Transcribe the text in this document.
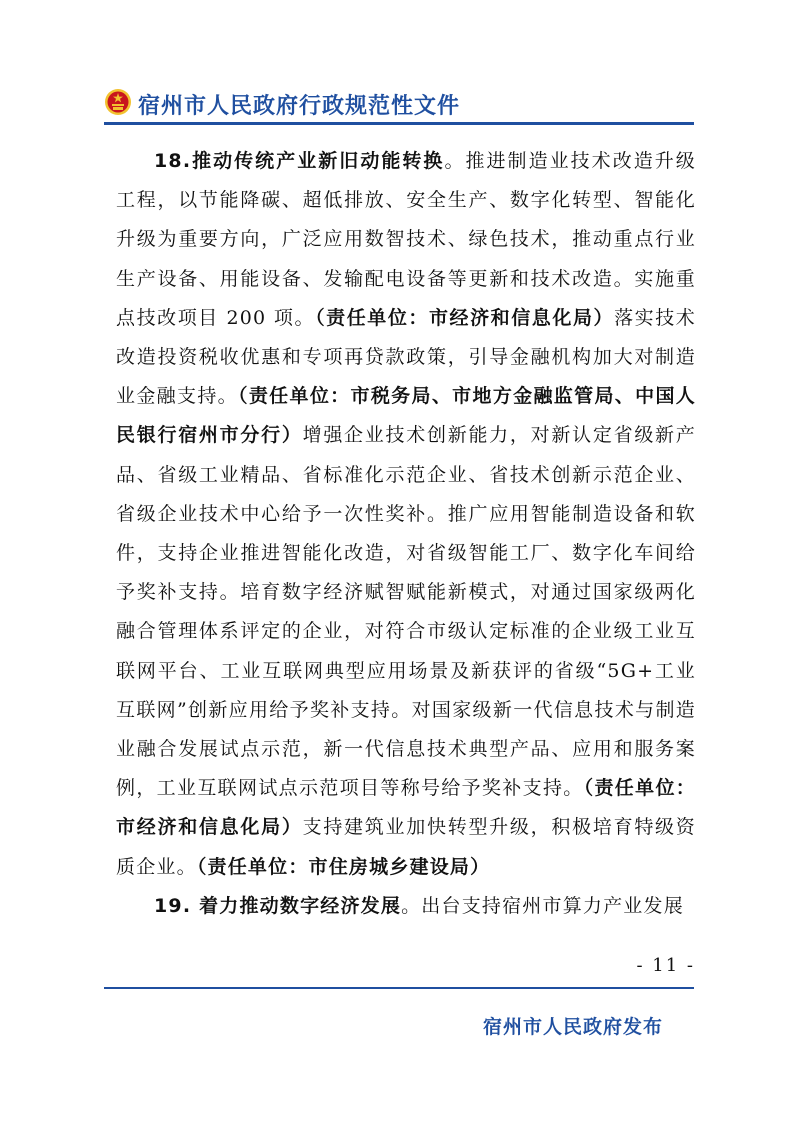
宿州市人民政府行政规范性文件

18.推动传统产业新旧动能转换。推进制造业技术改造升级工程，以节能降碳、超低排放、安全生产、数字化转型、智能化升级为重要方向，广泛应用数智技术、绿色技术，推动重点行业生产设备、用能设备、发输配电设备等更新和技术改造。实施重点技改项目 200 项。（责任单位：市经济和信息化局）落实技术改造投资税收优惠和专项再贷款政策，引导金融机构加大对制造业金融支持。（责任单位：市税务局、市地方金融监管局、中国人民银行宿州市分行）增强企业技术创新能力，对新认定省级新产品、省级工业精品、省标准化示范企业、省技术创新示范企业、省级企业技术中心给予一次性奖补。推广应用智能制造设备和软件，支持企业推进智能化改造，对省级智能工厂、数字化车间给予奖补支持。培育数字经济赋智赋能新模式，对通过国家级两化融合管理体系评定的企业，对符合市级认定标准的企业级工业互联网平台、工业互联网典型应用场景及新获评的省级“5G+工业互联网”创新应用给予奖补支持。对国家级新一代信息技术与制造业融合发展试点示范，新一代信息技术典型产品、应用和服务案例，工业互联网试点示范项目等称号给予奖补支持。（责任单位：市经济和信息化局）支持建筑业加快转型升级，积极培育特级资质企业。（责任单位：市住房城乡建设局）

19. 着力推动数字经济发展。出台支持宿州市算力产业发展

- 11 -
宿州市人民政府发布
